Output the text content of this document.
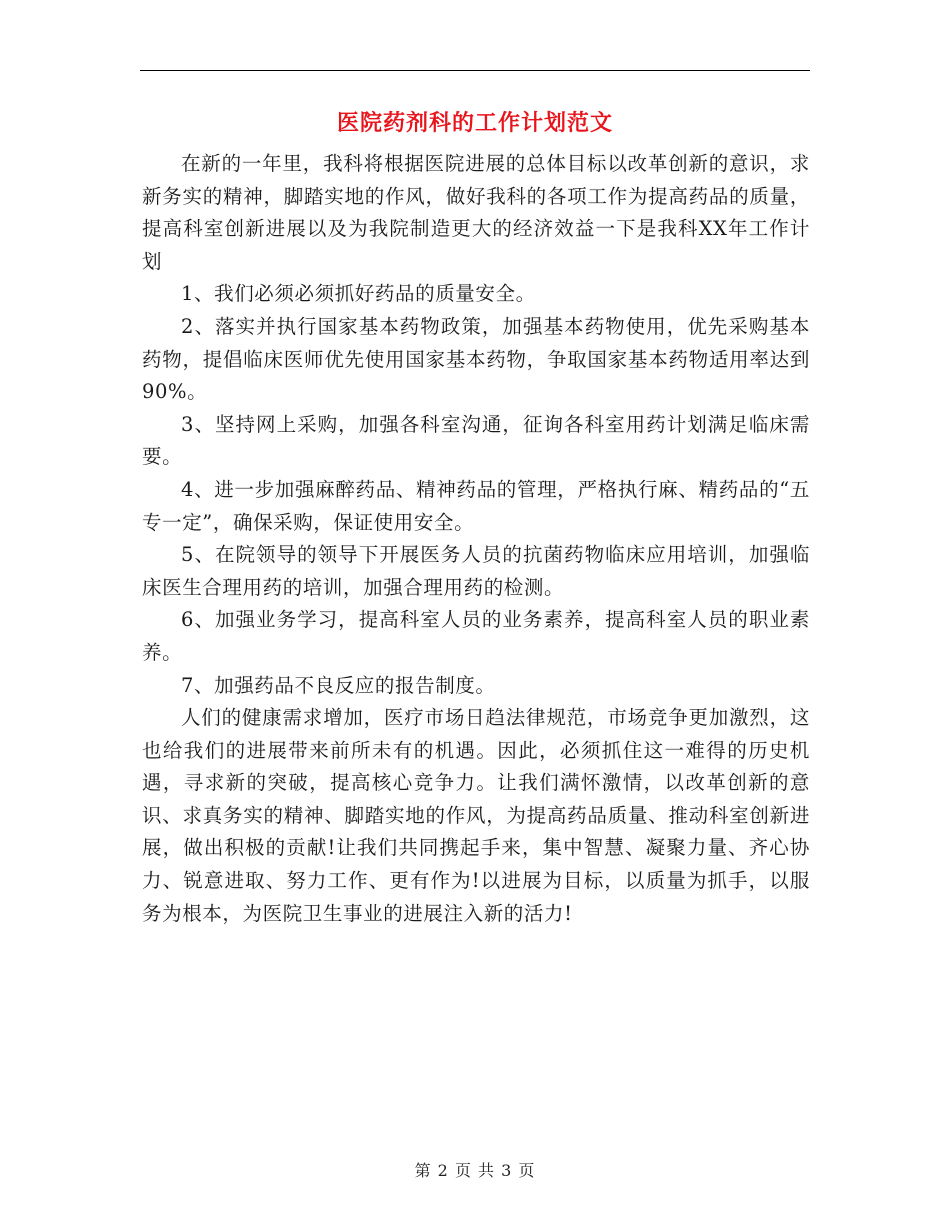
医院药剂科的工作计划范文

在新的一年里，我科将根据医院进展的总体目标以改革创新的意识，求新务实的精神，脚踏实地的作风，做好我科的各项工作为提高药品的质量，提高科室创新进展以及为我院制造更大的经济效益一下是我科XX年工作计划

1、我们必须必须抓好药品的质量安全。

2、落实并执行国家基本药物政策，加强基本药物使用，优先采购基本药物，提倡临床医师优先使用国家基本药物，争取国家基本药物适用率达到90%。

3、坚持网上采购，加强各科室沟通，征询各科室用药计划满足临床需要。

4、进一步加强麻醉药品、精神药品的管理，严格执行麻、精药品的“五专一定”，确保采购，保证使用安全。

5、在院领导的领导下开展医务人员的抗菌药物临床应用培训，加强临床医生合理用药的培训，加强合理用药的检测。

6、加强业务学习，提高科室人员的业务素养，提高科室人员的职业素养。

7、加强药品不良反应的报告制度。

人们的健康需求增加，医疗市场日趋法律规范，市场竞争更加激烈，这也给我们的进展带来前所未有的机遇。因此，必须抓住这一难得的历史机遇，寻求新的突破，提高核心竞争力。让我们满怀激情，以改革创新的意识、求真务实的精神、脚踏实地的作风，为提高药品质量、推动科室创新进展，做出积极的贡献!让我们共同携起手来，集中智慧、凝聚力量、齐心协力、锐意进取、努力工作、更有作为!以进展为目标，以质量为抓手，以服务为根本，为医院卫生事业的进展注入新的活力!

第 2 页 共 3 页
